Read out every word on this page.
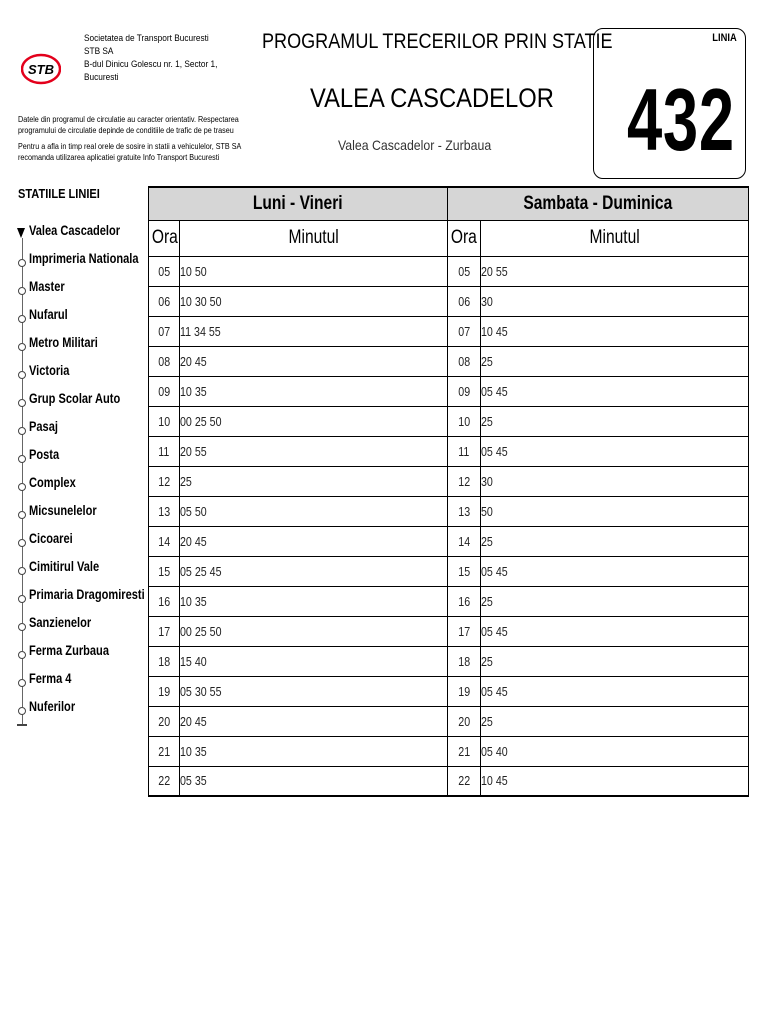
STB
Societatea de Transport Bucuresti
STB SA
B-dul Dinicu Golescu nr. 1, Sector 1,
Bucuresti

Datele din programul de circulatie au caracter orientativ. Respectarea programului de circulatie depinde de conditiile de trafic de pe traseu

Pentru a afla in timp real orele de sosire in statii a vehiculelor, STB SA recomanda utilizarea aplicatiei gratuite Info Transport Bucuresti

PROGRAMUL TRECERILOR PRIN STATIE
VALEA CASCADELOR
Valea Cascadelor - Zurbaua
LINIA
432
STATIILE LINIEI
Valea Cascadelor
Imprimeria Nationala
Master
Nufarul
Metro Militari
Victoria
Grup Scolar Auto
Pasaj
Posta
Complex
Micsunelelor
Cicoarei
Cimitirul Vale
Primaria Dragomiresti
Sanzienelor
Ferma Zurbaua
Ferma 4
Nuferilor
Luni - Vineri		Sambata - Duminica	
Ora	Minutul	Ora	Minutul
05	10 50	05	20 55
06	10 30 50	06	30
07	11 34 55	07	10 45
08	20 45	08	25
09	10 35	09	05 45
10	00 25 50	10	25
11	20 55	11	05 45
12	25	12	30
13	05 50	13	50
14	20 45	14	25
15	05 25 45	15	05 45
16	10 35	16	25
17	00 25 50	17	05 45
18	15 40	18	25
19	05 30 55	19	05 45
20	20 45	20	25
21	10 35	21	05 40
22	05 35	22	10 45
